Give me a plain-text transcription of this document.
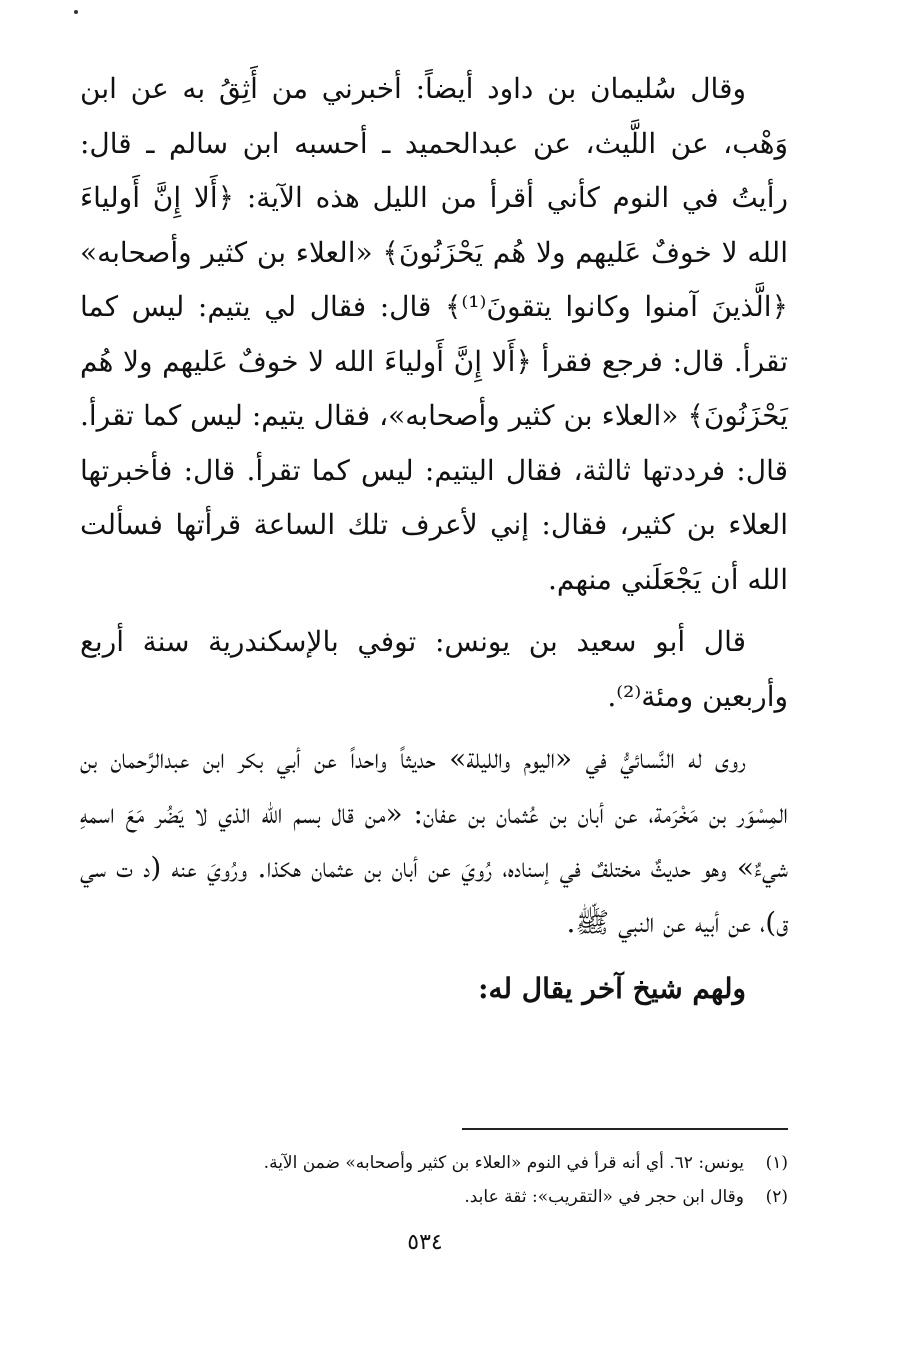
وقال سُليمان بن داود أيضاً: أخبرني من أَثِقُ به عن ابن وَهْب، عن اللَّيث، عن عبدالحميد ـ أحسبه ابن سالم ـ قال: رأيتُ في النوم كأني أقرأ من الليل هذه الآية: ﴿أَلا إِنَّ أَولياءَ الله لا خوفٌ عَليهم ولا هُم يَحْزَنُونَ﴾ «العلاء بن كثير وأصحابه» ﴿الَّذينَ آمنوا وكانوا يتقونَ⁽¹⁾﴾ قال: فقال لي يتيم: ليس كما تقرأ. قال: فرجع فقرأ ﴿أَلا إِنَّ أَولياءَ الله لا خوفٌ عَليهم ولا هُم يَحْزَنُونَ﴾ «العلاء بن كثير وأصحابه»، فقال يتيم: ليس كما تقرأ. قال: فرددتها ثالثة، فقال اليتيم: ليس كما تقرأ. قال: فأخبرتها العلاء بن كثير، فقال: إني لأعرف تلك الساعة قرأتها فسألت الله أن يَجْعَلَني منهم.

قال أبو سعيد بن يونس: توفي بالإسكندرية سنة أربع وأربعين ومئة⁽²⁾.

روى له النَّسائيُّ في «اليوم والليلة» حديثاً واحداً عن أبي بكر ابن عبدالرَّحمان بن المِسْوَر بن مَخْرَمة، عن أبان بن عُثمان بن عفان: «من قال بسم الله الذي لا يَضُر مَعَ اسمهِ شيءٌ» وهو حديثٌ مختلفٌ في إسناده، رُويَ عن أبان بن عثمان هكذا. ورُويَ عنه (د ت سي ق)، عن أبيه عن النبي ﷺ.

ولهم شيخ آخر يقال له:

(١)يونس: ٦٢. أي أنه قرأ في النوم «العلاء بن كثير وأصحابه» ضمن الآية.

(٢)وقال ابن حجر في «التقريب»: ثقة عابد.

٥٣٤
